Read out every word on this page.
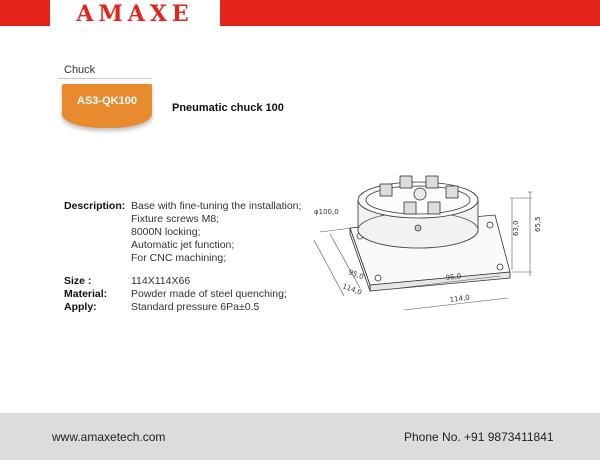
AMAXE
Chuck
AS3-QK100
Pneumatic chuck 100
Description: Base with fine-tuning the installation;
Fixture screws M8;
8000N locking;
Automatic jet function;
For CNC machining;
Size :	114X114X66
Material: Powder made of steel quenching;
Apply:	Standard pressure 6Pa±0.5
φ100,0
63,0 65,5
95,0
114,0
95,0
114,0
www.amaxetech.com	Phone No. +91 9873411841
